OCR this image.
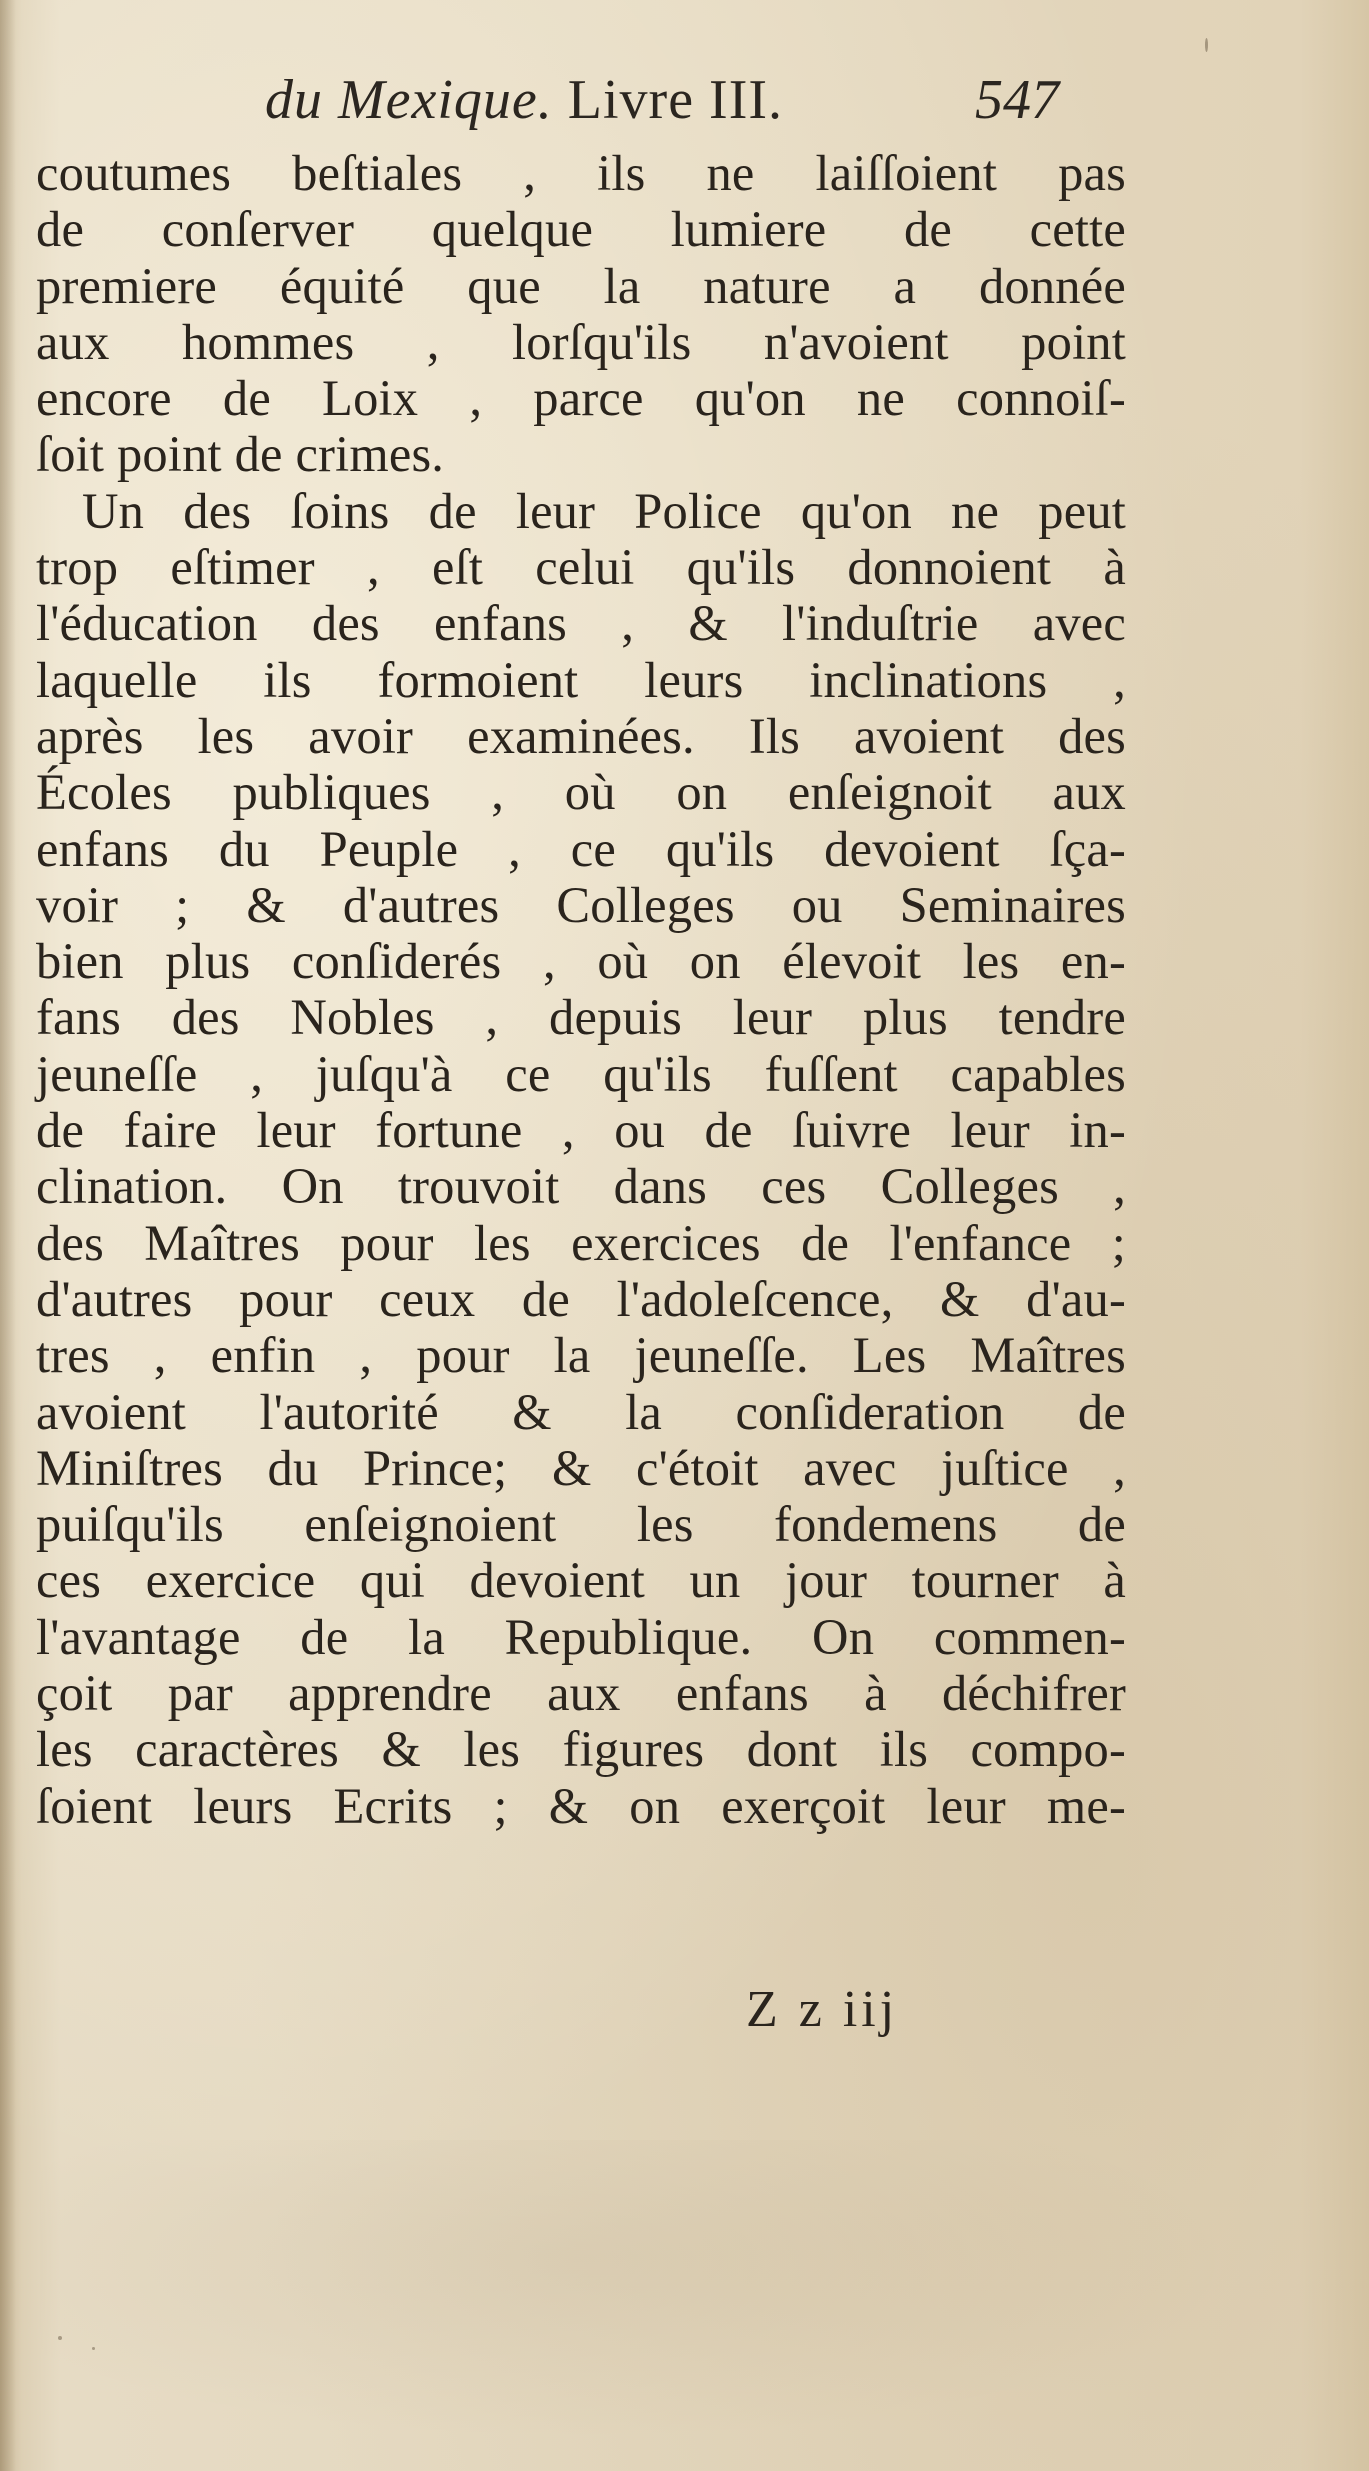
du Mexique. Livre III.	547
coutumes beſtiales , ils ne laiſſoient pas
de conſerver quelque lumiere de cette
premiere équité que la nature a donnée
aux hommes , lorſqu'ils n'avoient point
encore de Loix , parce qu'on ne connoiſ-
ſoit point de crimes.
Un des ſoins de leur Police qu'on ne peut
trop eſtimer , eſt celui qu'ils donnoient à
l'éducation des enfans , & l'induſtrie avec
laquelle ils formoient leurs inclinations ,
après les avoir examinées. Ils avoient des
Écoles publiques , où on enſeignoit aux
enfans du Peuple , ce qu'ils devoient ſça-
voir ; & d'autres Colleges ou Seminaires
bien plus conſiderés , où on élevoit les en-
fans des Nobles , depuis leur plus tendre
jeuneſſe , juſqu'à ce qu'ils fuſſent capables
de faire leur fortune , ou de ſuivre leur in-
clination. On trouvoit dans ces Colleges ,
des Maîtres pour les exercices de l'enfance ;
d'autres pour ceux de l'adoleſcence, & d'au-
tres , enfin , pour la jeuneſſe. Les Maîtres
avoient l'autorité & la conſideration de
Miniſtres du Prince; & c'étoit avec juſtice ,
puiſqu'ils enſeignoient les fondemens de
ces exercice qui devoient un jour tourner à
l'avantage de la Republique. On commen-
çoit par apprendre aux enfans à déchifrer
les caractères & les figures dont ils compo-
ſoient leurs Ecrits ; & on exerçoit leur me-
Z z iij
